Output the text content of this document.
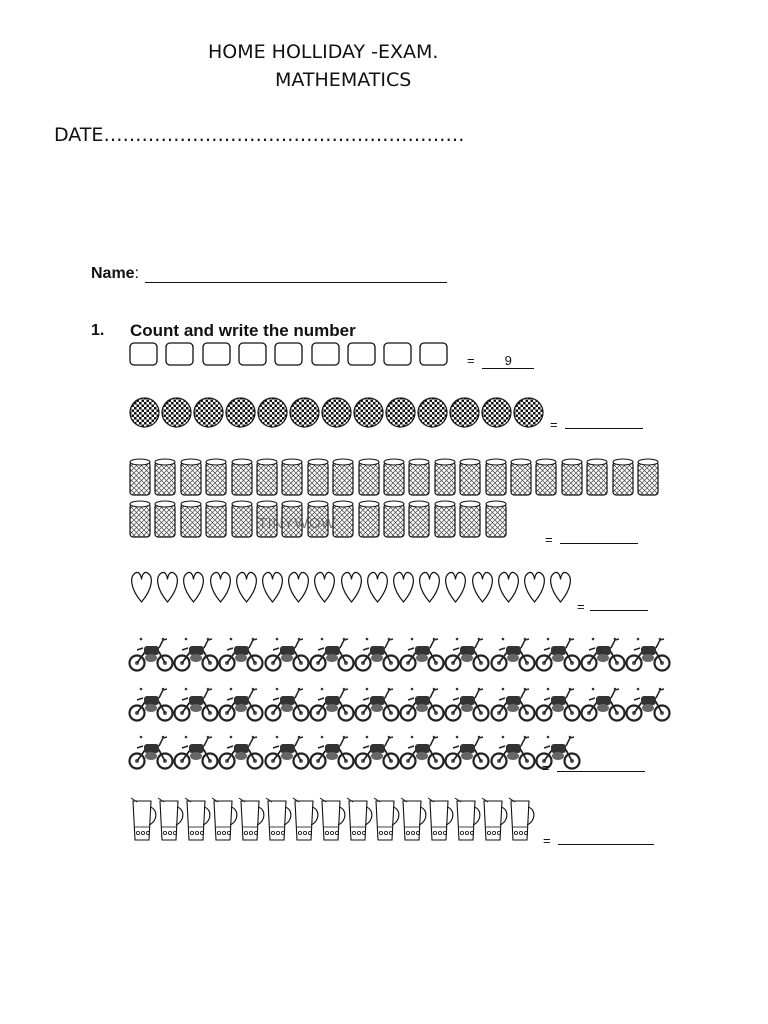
HOME HOLLIDAY -EXAM.
MATHEMATICS
DATE…………………………………………………
Name :
1. Count and write the number
= 9
=
TINYWOW
=
=
=
=
